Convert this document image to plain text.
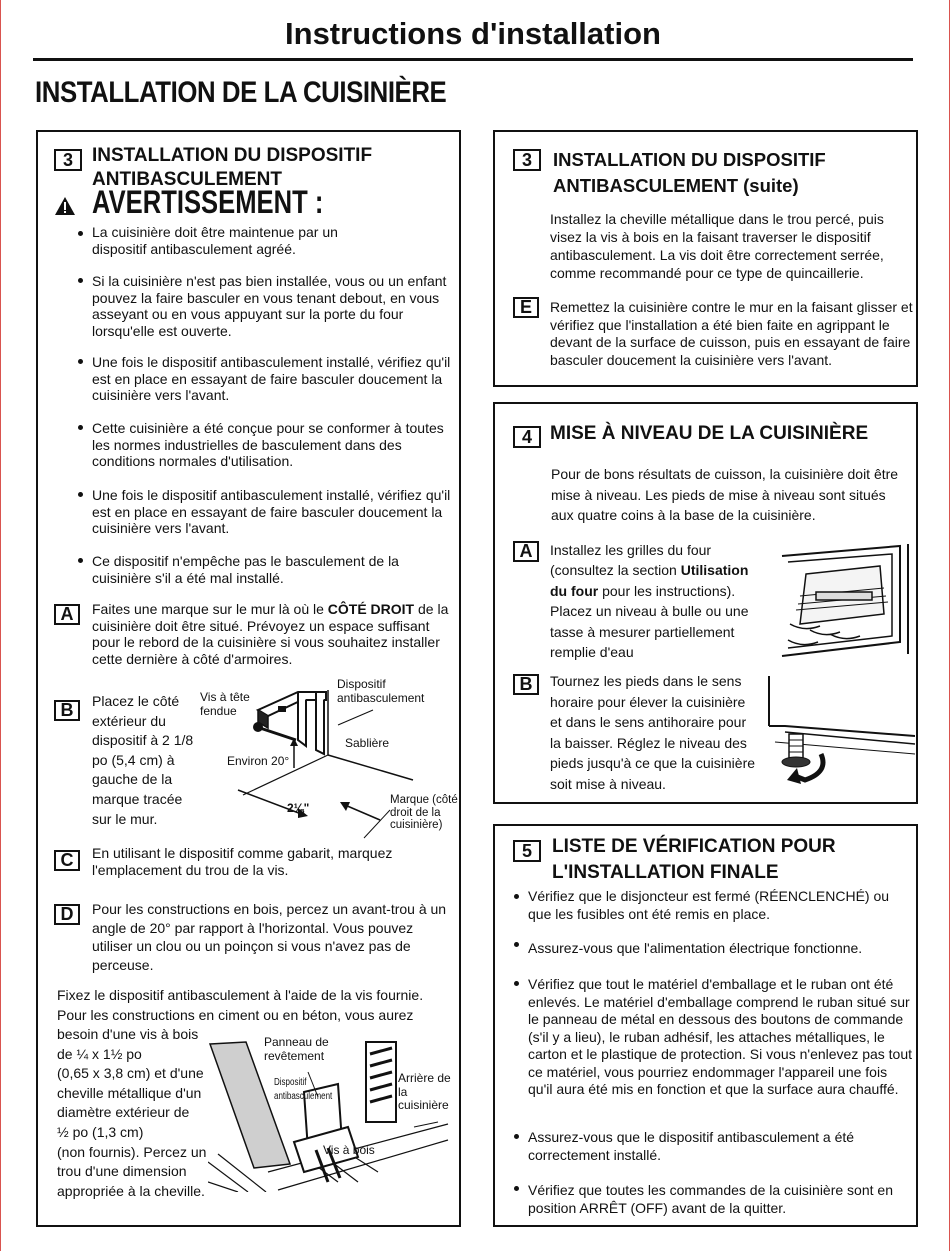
Instructions d'installation
INSTALLATION DE LA CUISINIÈRE
3	INSTALLATION DU DISPOSITIF ANTIBASCULEMENT
AVERTISSEMENT :
La cuisinière doit être maintenue par un dispositif antibasculement agréé.
Si la cuisinière n'est pas bien installée, vous ou un enfant pouvez la faire basculer en vous tenant debout, en vous asseyant ou en vous appuyant sur la porte du four lorsqu'elle est ouverte.
Une fois le dispositif antibasculement installé, vérifiez qu'il est en place en essayant de faire basculer doucement la cuisinière vers l'avant.
Cette cuisinière a été conçue pour se conformer à toutes les normes industrielles de basculement dans des conditions normales d'utilisation.
Une fois le dispositif antibasculement installé, vérifiez qu'il est en place en essayant de faire basculer doucement la cuisinière vers l'avant.
Ce dispositif n'empêche pas le basculement de la cuisinière s'il a été mal installé.
A	Faites une marque sur le mur là où le CÔTÉ DROIT de la cuisinière doit être situé. Prévoyez un espace suffisant pour le rebord de la cuisinière si vous souhaitez installer cette dernière à côté d'armoires.
B	Placez le côté extérieur du dispositif à 2 1/8 po (5,4 cm) à gauche de la marque tracée sur le mur.
Vis à tête fendue
Dispositif antibasculement
Sablière
Environ 20°
2⅛"
Marque (côté droit de la cuisinière)
C	En utilisant le dispositif comme gabarit, marquez l'emplacement du trou de la vis.
D	Pour les constructions en bois, percez un avant-trou à un angle de 20° par rapport à l'horizontal. Vous pouvez utiliser un clou ou un poinçon si vous n'avez pas de perceuse.
Fixez le dispositif antibasculement à l'aide de la vis fournie. Pour les constructions en ciment ou en béton, vous aurez
besoin d'une vis à bois
de ¼ x 1½ po
(0,65 x 3,8 cm) et d'une
cheville métallique d'un
diamètre extérieur de
½ po (1,3 cm)
(non fournis). Percez un
trou d'une dimension
appropriée à la cheville.
Panneau de revêtement
Dispositif antibasculement
Arrière de la cuisinière
Vis à bois
3	INSTALLATION DU DISPOSITIF ANTIBASCULEMENT (suite)
Installez la cheville métallique dans le trou percé, puis visez la vis à bois en la faisant traverser le dispositif antibasculement. La vis doit être correctement serrée, comme recommandé pour ce type de quincaillerie.
E	Remettez la cuisinière contre le mur en la faisant glisser et vérifiez que l'installation a été bien faite en agrippant le devant de la surface de cuisson, puis en essayant de faire basculer doucement la cuisinière vers l'avant.
4 MISE À NIVEAU DE LA CUISINIÈRE
Pour de bons résultats de cuisson, la cuisinière doit être mise à niveau. Les pieds de mise à niveau sont situés aux quatre coins à la base de la cuisinière.
A	Installez les grilles du four
(consultez la section Utilisation
du four pour les instructions).
Placez un niveau à bulle ou une
tasse à mesurer partiellement
remplie d'eau
B	Tournez les pieds dans le sens
horaire pour élever la cuisinière
et dans le sens antihoraire pour
la baisser. Réglez le niveau des
pieds jusqu'à ce que la cuisinière
soit mise à niveau.
5	LISTE DE VÉRIFICATION POUR L'INSTALLATION FINALE
Vérifiez que le disjoncteur est fermé (RÉENCLENCHÉ) ou que les fusibles ont été remis en place.
Assurez-vous que l'alimentation électrique fonctionne.
Vérifiez que tout le matériel d'emballage et le ruban ont été enlevés. Le matériel d'emballage comprend le ruban situé sur le panneau de métal en dessous des boutons de commande (s'il y a lieu), le ruban adhésif, les attaches métalliques, le carton et le plastique de protection. Si vous n'enlevez pas tout ce matériel, vous pourriez endommager l'appareil une fois qu'il aura été mis en fonction et que la surface aura chauffé.
Assurez-vous que le dispositif antibasculement a été correctement installé.
Vérifiez que toutes les commandes de la cuisinière sont en position ARRÊT (OFF) avant de la quitter.
